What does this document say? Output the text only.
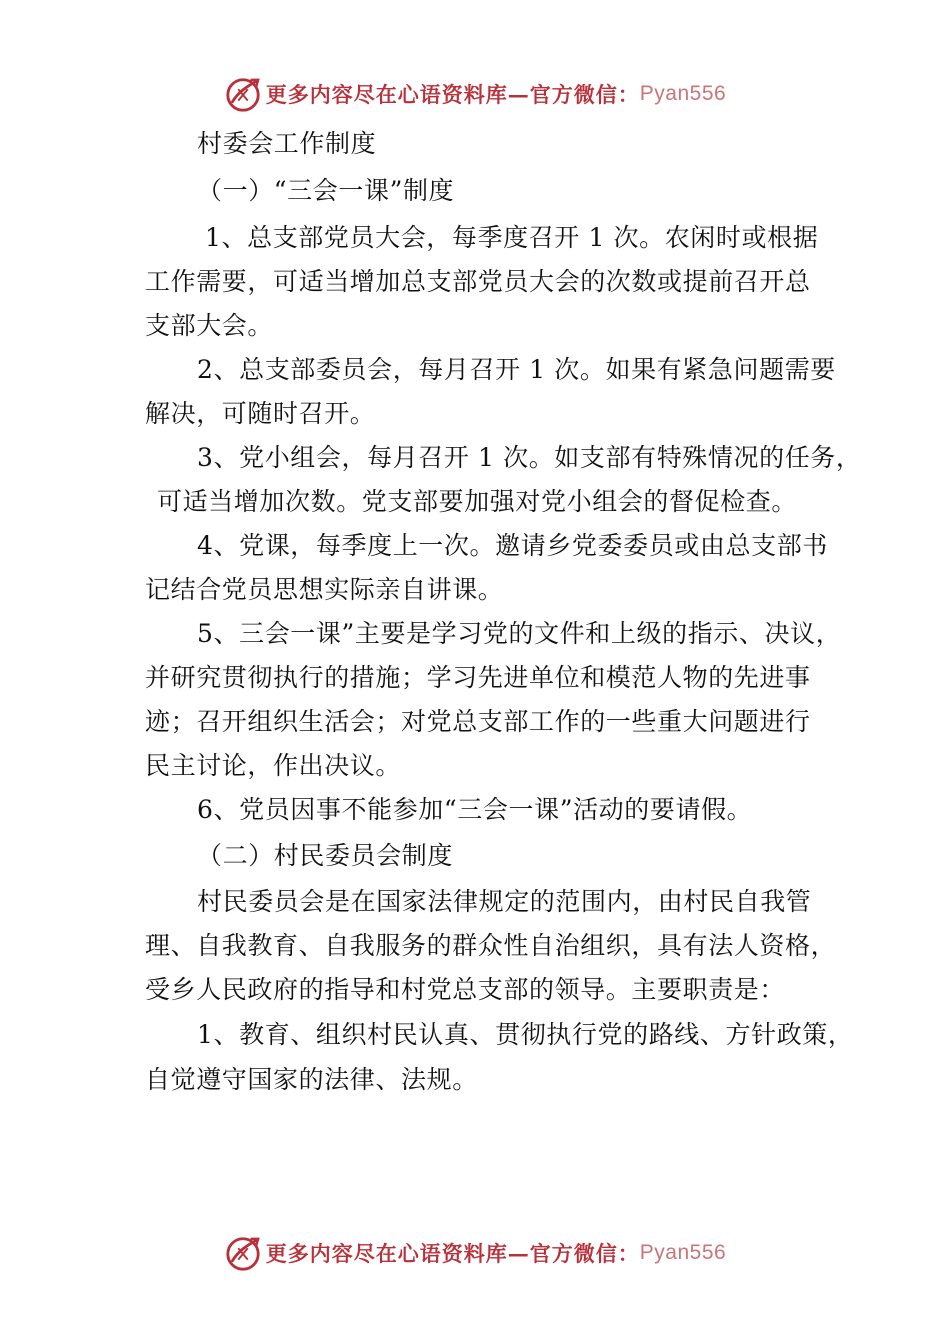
更多内容尽在心语资料库—官方微信： Pyan556
村委会工作制度
（一）“三会一课”制度
1、总支部党员大会，每季度召开 1 次。农闲时或根据
工作需要，可适当增加总支部党员大会的次数或提前召开总
支部大会。
2、总支部委员会，每月召开 1 次。如果有紧急问题需要
解决，可随时召开。
3、党小组会，每月召开 1 次。如支部有特殊情况的任务，
可适当增加次数。党支部要加强对党小组会的督促检查。
4、党课，每季度上一次。邀请乡党委委员或由总支部书
记结合党员思想实际亲自讲课。
5、三会一课”主要是学习党的文件和上级的指示、决议，
并研究贯彻执行的措施；学习先进单位和模范人物的先进事
迹；召开组织生活会；对党总支部工作的一些重大问题进行
民主讨论，作出决议。
6、党员因事不能参加“三会一课”活动的要请假。
（二）村民委员会制度
村民委员会是在国家法律规定的范围内，由村民自我管
理、自我教育、自我服务的群众性自治组织，具有法人资格，
受乡人民政府的指导和村党总支部的领导。主要职责是：
1、教育、组织村民认真、贯彻执行党的路线、方针政策，
自觉遵守国家的法律、法规。
更多内容尽在心语资料库—官方微信： Pyan556
